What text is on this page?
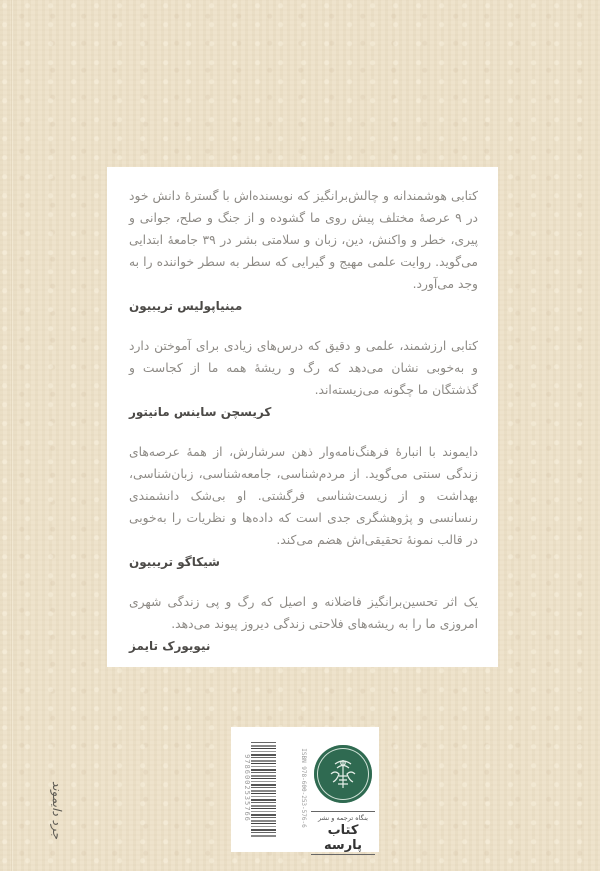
جرد دایموند

کتابی هوشمندانه و چالش‌برانگیز که نویسنده‌اش با گسترهٔ دانش خود در ۹ عرصهٔ مختلف پیش روی ما گشوده و از جنگ و صلح، جوانی و پیری، خطر و واکنش، دین، زبان و سلامتی بشر در ۳۹ جامعهٔ ابتدایی می‌گوید. روایت علمی مهیج و گیرایی که سطر به سطر خواننده را به وجد می‌آورد.

مینیاپولیس تریبیون

کتابی ارزشمند، علمی و دقیق که درس‌های زیادی برای آموختن دارد و به‌خوبی نشان می‌دهد که رگ و ریشهٔ همه ما از کجاست و گذشتگان ما چگونه می‌زیسته‌اند.

کریسچن ساینس مانیتور

دایموند با انبارهٔ فرهنگ‌نامه‌وار ذهن سرشارش، از همهٔ عرصه‌های زندگی سنتی می‌گوید. از مردم‌شناسی، جامعه‌شناسی، زبان‌شناسی، بهداشت و از زیست‌شناسی فرگشتی. او بی‌شک دانشمندی رنسانسی و پژوهشگری جدی است که داده‌ها و نظریات را به‌خوبی در قالب نمونهٔ تحقیقی‌اش هضم می‌کند.

شیکاگو تریبیون

یک اثر تحسین‌برانگیز فاضلانه و اصیل که رگ و پی زندگی شهری امروزی ما را به ریشه‌های فلاحتی زندگی دیروز پیوند می‌دهد.

نیویورک تایمز
9786002535766	ISBN 978-600-253-576-6	بنگاه ترجمه و نشر
کتاب پارسه
